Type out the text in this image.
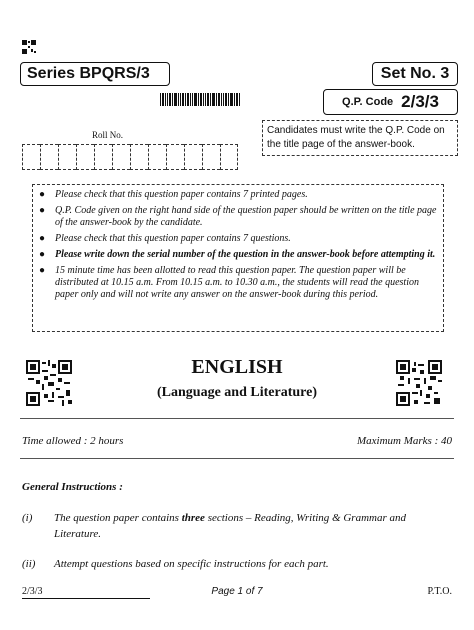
Series BPQRS/3	Set No. 3
Q.P. Code 2/3/3
Roll No.	Candidates must write the Q.P. Code on the title page of the answer-book.
● Please check that this question paper contains 7 printed pages.
● Q.P. Code given on the right hand side of the question paper should be written on the title page of the answer-book by the candidate.
● Please check that this question paper contains 7 questions.
● Please write down the serial number of the question in the answer-book before attempting it.
● 15 minute time has been allotted to read this question paper. The question paper will be distributed at 10.15 a.m. From 10.15 a.m. to 10.30 a.m., the students will read the question paper only and will not write any answer on the answer-book during this period.
ENGLISH
(Language and Literature)
Time allowed : 2 hours	Maximum Marks : 40
General Instructions :
(i) The question paper contains three sections – Reading, Writing & Grammar and Literature.
(ii) Attempt questions based on specific instructions for each part.
2/3/3	Page 1 of 7	P.T.O.
